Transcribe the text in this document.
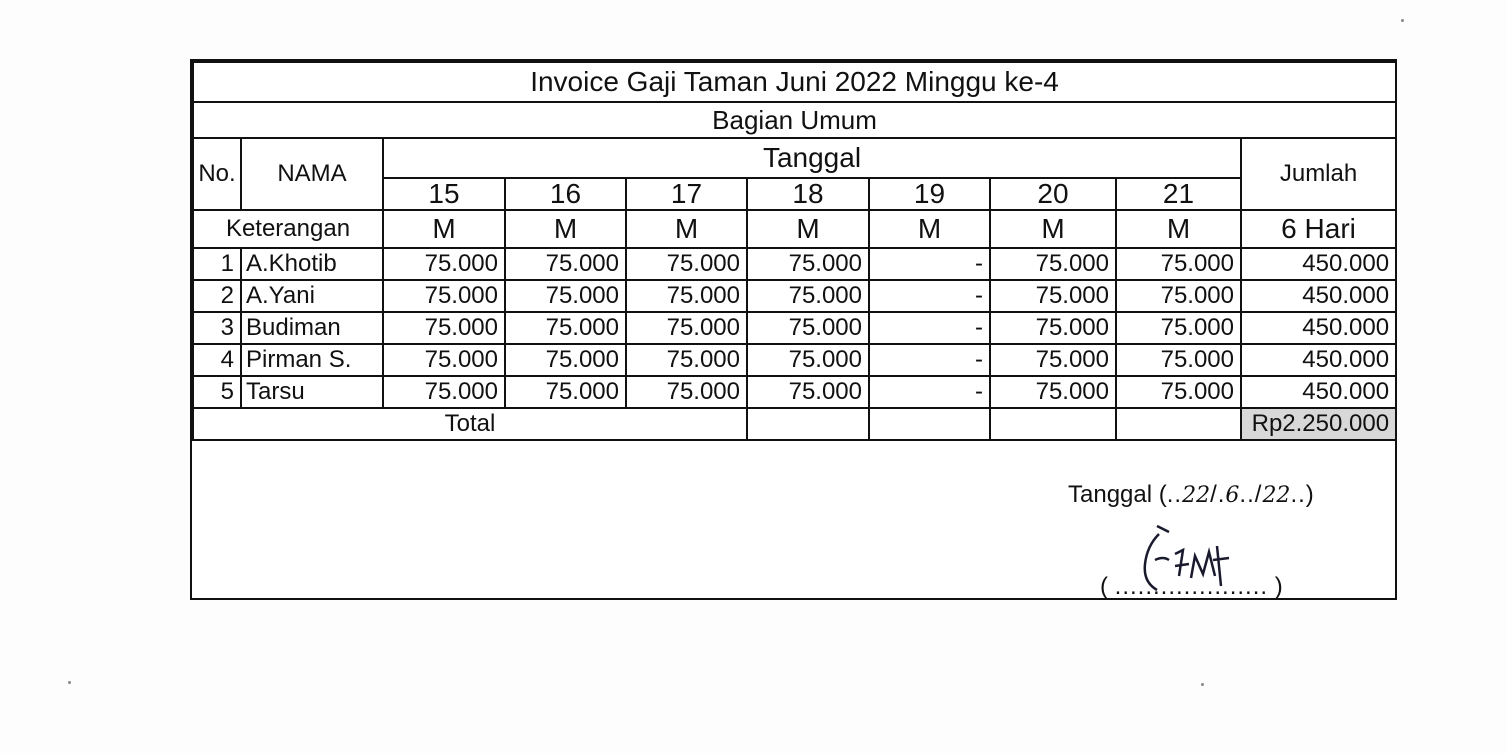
Invoice Gaji Taman Juni 2022 Minggu ke-4									
Bagian Umum									
No.	NAMA	Tanggal							Jumlah
		15	16	17	18	19	20	21	
Keterangan		M	M	M	M	M	M	M	6 Hari
1	A.Khotib	75.000	75.000	75.000	75.000	-	75.000	75.000	450.000
2	A.Yani	75.000	75.000	75.000	75.000	-	75.000	75.000	450.000
3	Budiman	75.000	75.000	75.000	75.000	-	75.000	75.000	450.000
4	Pirman S.	75.000	75.000	75.000	75.000	-	75.000	75.000	450.000
5	Tarsu	75.000	75.000	75.000	75.000	-	75.000	75.000	450.000
Total									Rp2.250.000
Tanggal (..22/.6../22..)
( .................... )
